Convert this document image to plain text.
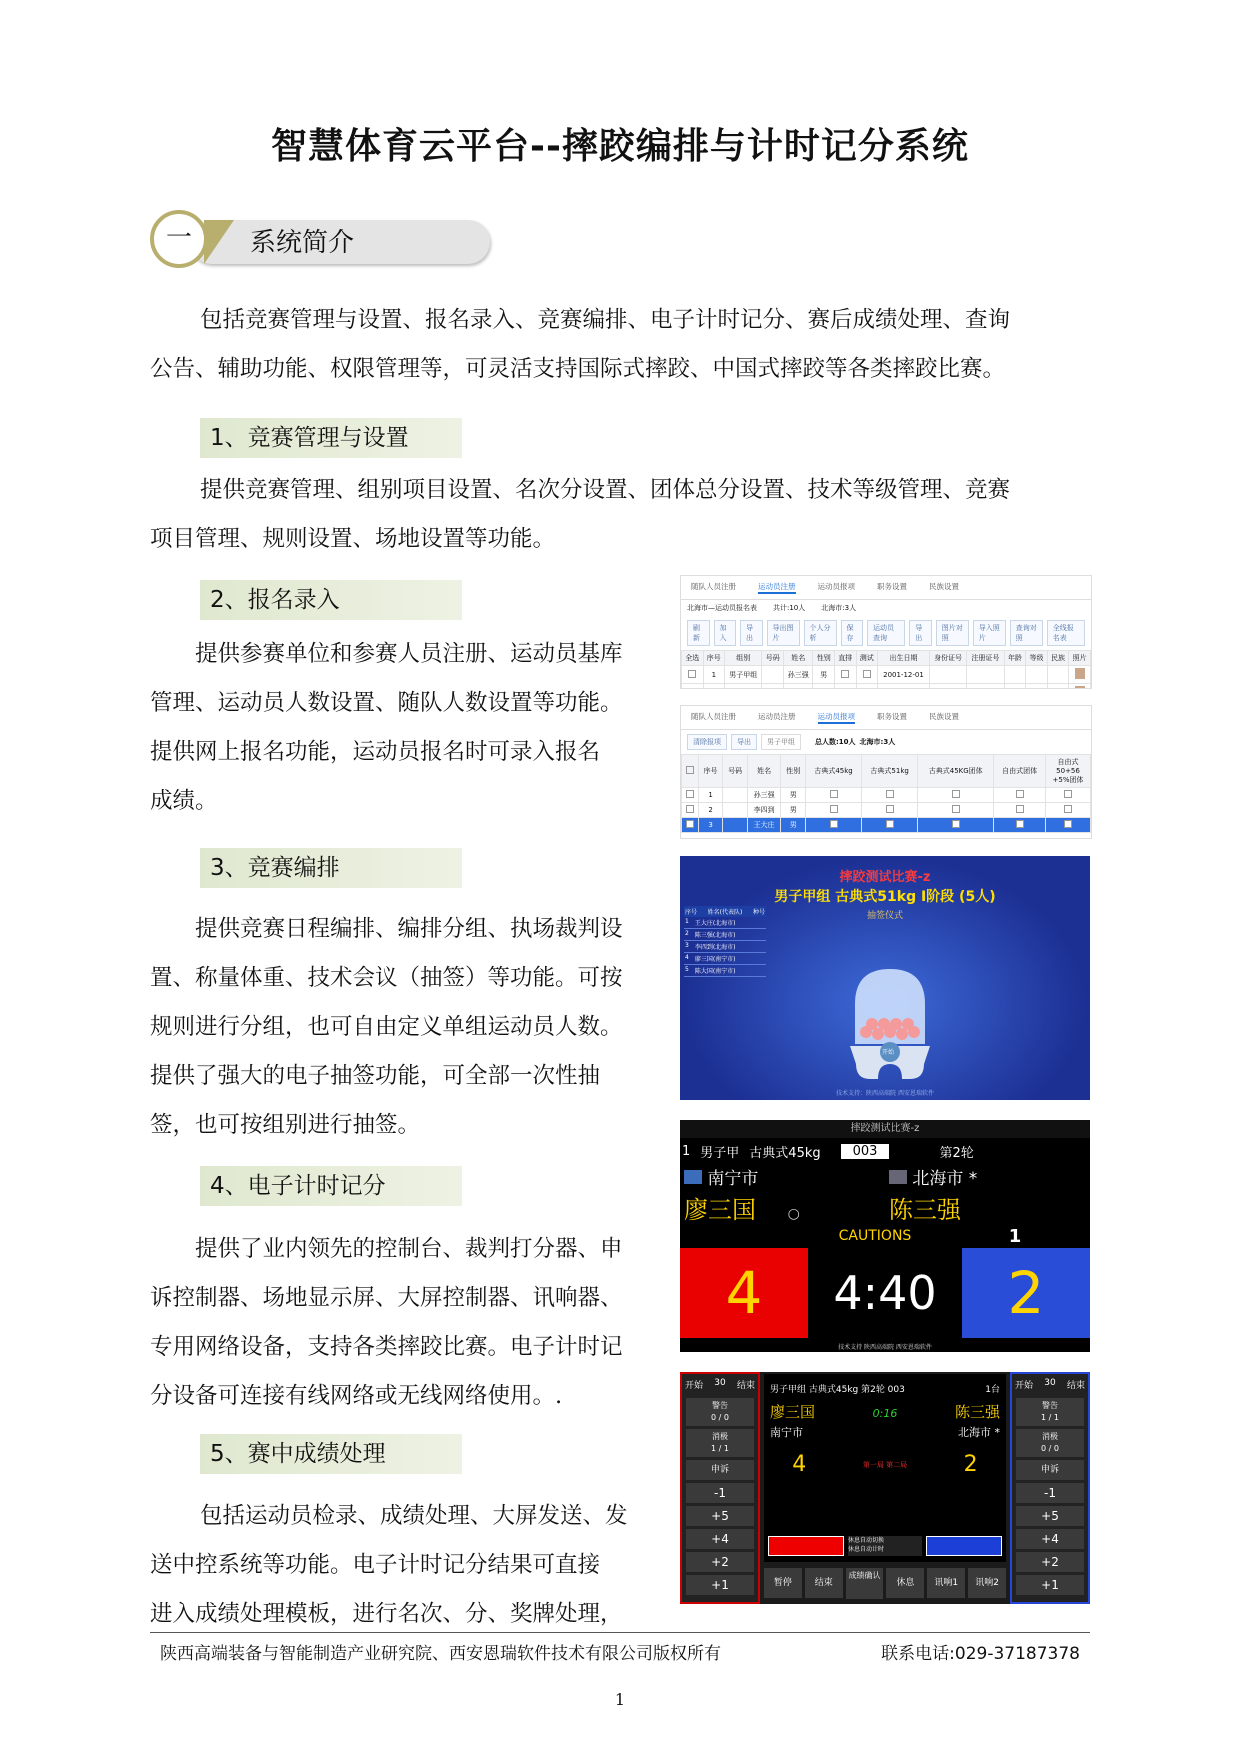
智慧体育云平台--摔跤编排与计时记分系统
一	系统简介
包括竞赛管理与设置、报名录入、竞赛编排、电子计时记分、赛后成绩处理、查询
公告、辅助功能、权限管理等，可灵活支持国际式摔跤、中国式摔跤等各类摔跤比赛。
1、竞赛管理与设置
提供竞赛管理、组别项目设置、名次分设置、团体总分设置、技术等级管理、竞赛
项目管理、规则设置、场地设置等功能。
2、报名录入
提供参赛单位和参赛人员注册、运动员基库
管理、运动员人数设置、随队人数设置等功能。
提供网上报名功能，运动员报名时可录入报名
成绩。
3、竞赛编排
提供竞赛日程编排、编排分组、执场裁判设
置、称量体重、技术会议（抽签）等功能。可按
规则进行分组，也可自由定义单组运动员人数。
提供了强大的电子抽签功能，可全部一次性抽
签，也可按组别进行抽签。
4、电子计时记分
提供了业内领先的控制台、裁判打分器、申
诉控制器、场地显示屏、大屏控制器、讯响器、
专用网络设备，支持各类摔跤比赛。电子计时记
分设备可连接有线网络或无线网络使用。.
5、赛中成绩处理
包括运动员检录、成绩处理、大屏发送、发
送中控系统等功能。电子计时记分结果可直接
进入成绩处理模板，进行名次、分、奖牌处理，
随队人员注册	运动员注册	运动员报项	职务设置	民族设置
北海市—运动员报名表 共计:10人 北海市:3人
刷新
加入
导出
导出图片
个人分析
保存
运动员查询
导出
图片对照
导入照片
查询对照
全线报名表
全选	序号	组别	号码	姓名	性别	直排	测试	出生日期	身份证号	注册证号	年龄	等级	民族	照片
	1	男子甲组		孙三强	男			2001-12-01						

随队人员注册	运动员注册	运动员报项	职务设置	民族设置
清除报项	导出	男子甲组	总人数:10人 北海市:3人
	序号	号码	姓名	性别	古典式45kg	古典式51kg	古典式45KG团体	自由式团体	自由式50+56 +5%团体
	1		孙三强	男					
	2		李四到	男					
	3		王大庄	男					
摔跤测试比赛-z
男子甲组 古典式51kg Ⅰ阶段 (5人)
抽签仪式
序号 姓名(代表队) 种号
1 王大庄(北海市)
2 陈三强(北海市)
3 李四到(北海市)
4 廖三国(南宁市)
5 陈大国(南宁市)
开始
技术支持：陕西高端院 西安恩瑞软件
摔跤测试比赛-z
1 男子甲 古典式45kg	003	第2轮
南宁市	北海市 *
廖三国 ○	陈三强
CAUTIONS	1
4	4:40	2
技术支持 陕西高端院 西安恩瑞软件
开始 30 结束
警告
0 / 0
消极
1 / 1
申诉
-1
+5
+4
+2
+1
男子甲组 古典式45kg 第2轮 003	1台
廖三国	0:16	陈三强
南宁市	北海市 *
4	第一局 第二局	2
休息自动切换
休息自动计时
暂停	结束
成绩确认
休息	讯响1	讯响2
开始 30 结束
警告
1 / 1
消极
0 / 0
申诉
-1
+5
+4
+2
+1
陕西高端装备与智能制造产业研究院、西安恩瑞软件技术有限公司版权所有	联系电话:029-37187378
1
